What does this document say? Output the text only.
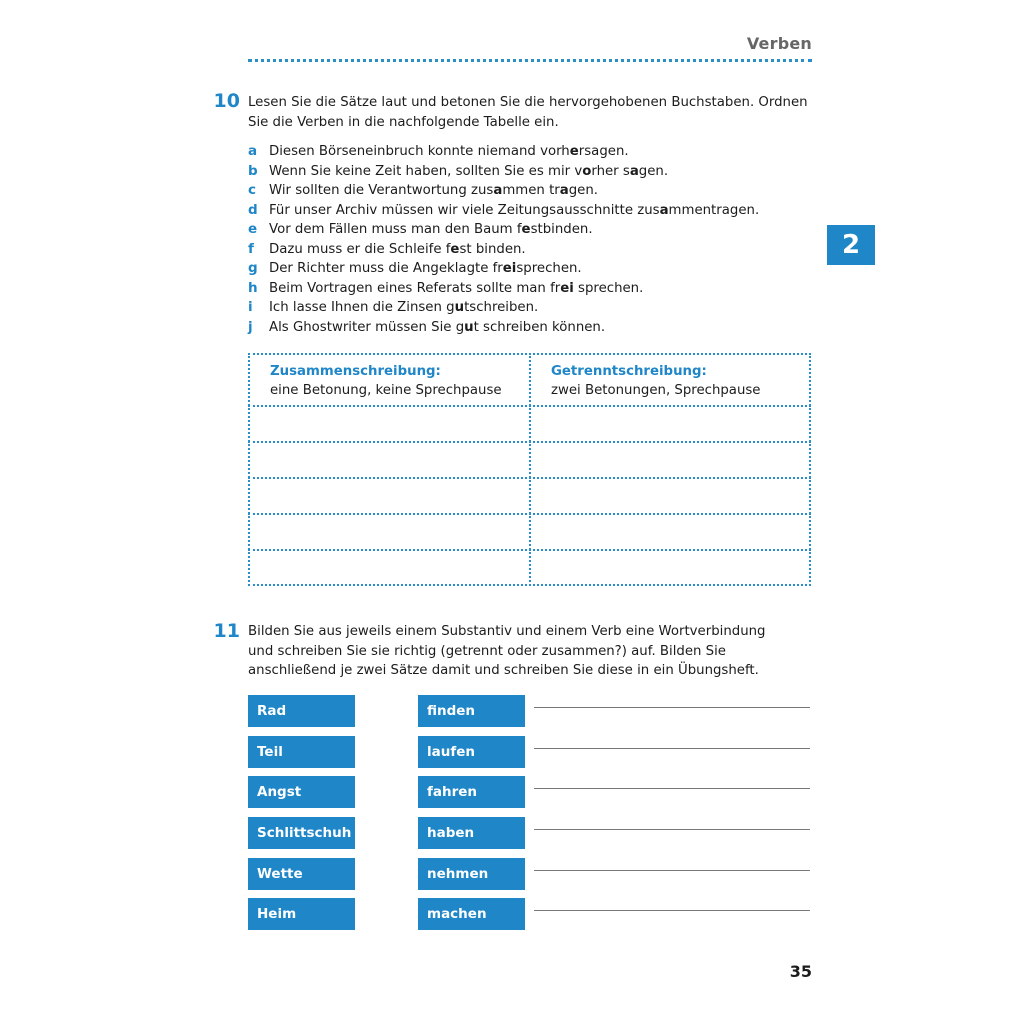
Verben
2
10 Lesen Sie die Sätze laut und betonen Sie die hervorgehobenen Buchstaben. Ordnen Sie die Verben in die nachfolgende Tabelle ein.
a Diesen Börseneinbruch konnte niemand vorhersagen.
b Wenn Sie keine Zeit haben, sollten Sie es mir vorher sagen.
c Wir sollten die Verantwortung zusammen tragen.
d Für unser Archiv müssen wir viele Zeitungsausschnitte zusammentragen.
e Vor dem Fällen muss man den Baum festbinden.
f	Dazu muss er die Schleife fest binden.
g Der Richter muss die Angeklagte freisprechen.
h Beim Vortragen eines Referats sollte man frei sprechen.
i	Ich lasse Ihnen die Zinsen gutschreiben.
j	Als Ghostwriter müssen Sie gut schreiben können.
Zusammenschreibung:
eine Betonung, keine Sprechpause
Getrenntschreibung:
zwei Betonungen, Sprechpause
11 Bilden Sie aus jeweils einem Substantiv und einem Verb eine Wortverbindung und schreiben Sie sie richtig (getrennt oder zusammen?) auf. Bilden Sie anschließend je zwei Sätze damit und schreiben Sie diese in ein Übungsheft.
Rad	finden
Teil	laufen
Angst	fahren
Schlittschuh	haben
Wette	nehmen
Heim	machen
35
